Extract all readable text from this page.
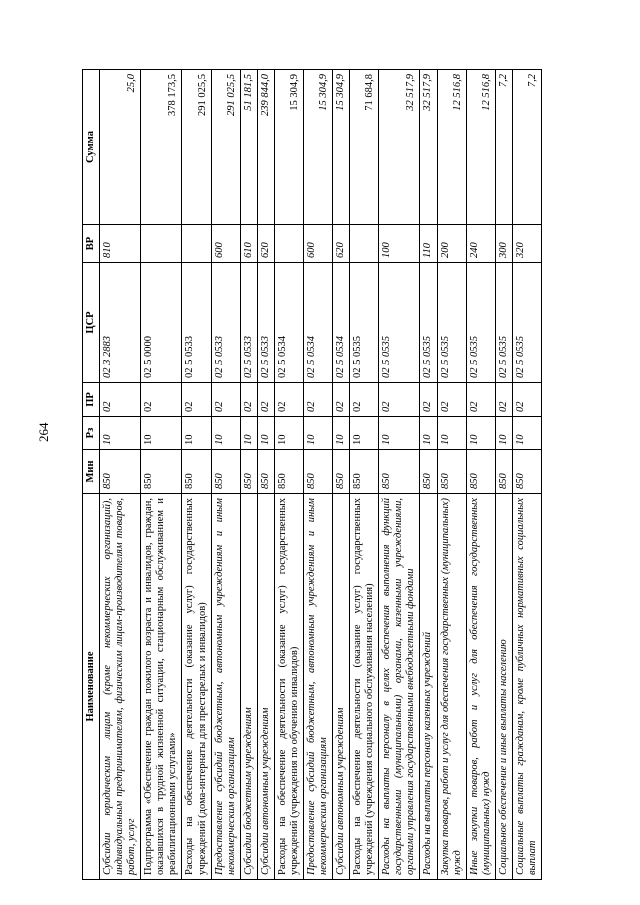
264
Наименование	Мин	Рз	ПР	ЦСР	ВР	Сумма
Субсидии юридическим лицам (кроме некоммерческих организаций), индивидуальным предпринимателям, физическим лицам-производителям товаров, работ, услуг	850	10	02	02 3 2883	810	25,0
Подпрограмма «Обеспечение граждан пожилого возраста и инвалидов, граждан, оказавшихся в трудной жизненной ситуации, стационарным обслуживанием и реабилитационными услугами»	850	10	02	02 5 0000		378 173,5
Расходы на обеспечение деятельности (оказание услуг) государственных учреждений (дома-интернаты для престарелых и инвалидов)	850	10	02	02 5 0533		291 025,5
Предоставление субсидий бюджетным, автономным учреждениям и иным некоммерческим организациям	850	10	02	02 5 0533	600	291 025,5
Субсидии бюджетным учреждениям	850	10	02	02 5 0533	610	51 181,5
Субсидии автономным учреждениям	850	10	02	02 5 0533	620	239 844,0
Расходы на обеспечение деятельности (оказание услуг) государственных учреждений (учреждения по обучению инвалидов)	850	10	02	02 5 0534		15 304,9
Предоставление субсидий бюджетным, автономным учреждениям и иным некоммерческим организациям	850	10	02	02 5 0534	600	15 304,9
Субсидии автономным учреждениям	850	10	02	02 5 0534	620	15 304,9
Расходы на обеспечение деятельности (оказание услуг) государственных учреждений (учреждения социального обслуживания населения)	850	10	02	02 5 0535		71 684,8
Расходы на выплаты персоналу в целях обеспечения выполнения функций государственными (муниципальными) органами, казенными учреждениями, органами управления государственными внебюджетными фондами	850	10	02	02 5 0535	100	32 517,9
Расходы на выплаты персоналу казенных учреждений	850	10	02	02 5 0535	110	32 517,9
Закупка товаров, работ и услуг для обеспечения государственных (муниципальных) нужд	850	10	02	02 5 0535	200	12 516,8
Иные закупки товаров, работ и услуг для обеспечения государственных (муниципальных) нужд	850	10	02	02 5 0535	240	12 516,8
Социальное обеспечение и иные выплаты населению	850	10	02	02 5 0535	300	7,2
Социальные выплаты гражданам, кроме публичных нормативных социальных выплат	850	10	02	02 5 0535	320	7,2
